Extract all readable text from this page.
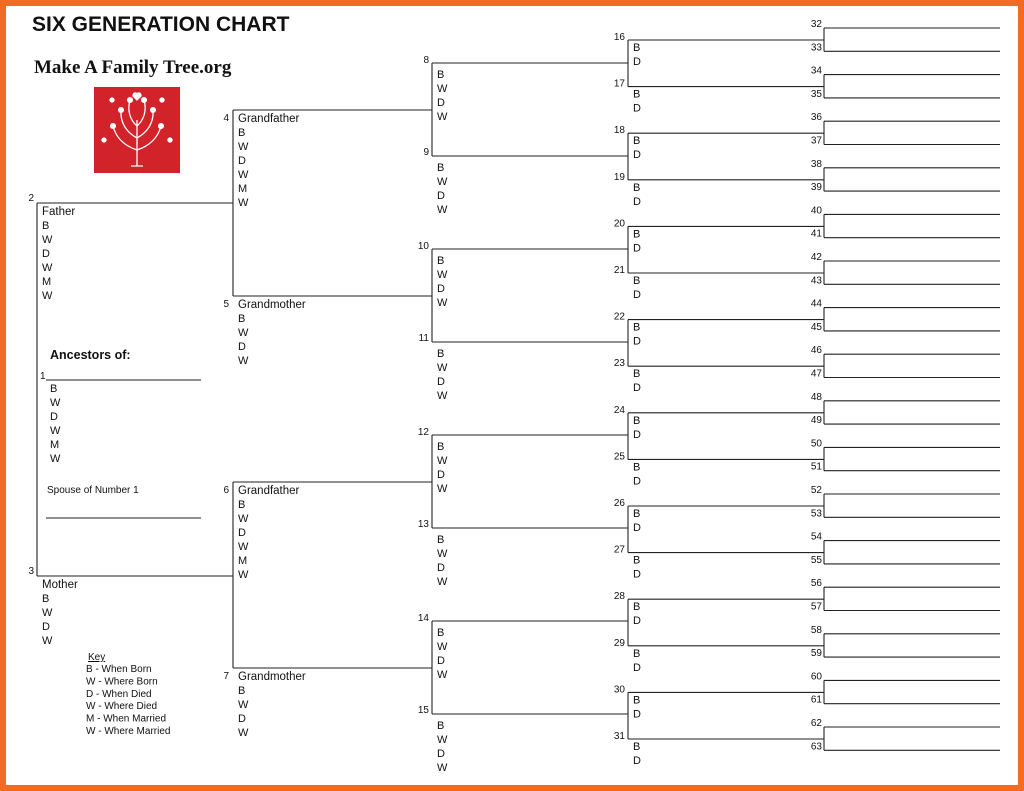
SIX GENERATION CHART
Make A Family Tree.org
Ancestors of:
1
Spouse of Number 1
Key
B
W
D
W
M
W
B - When Born
W - Where Born
D - When Died
W - Where Died
M - When Married
W - Where Married
2
Father
B
W
D
W
M
W
3
Mother
B
W
D
W
4 Grandfather
B
W
D
W
M
W
5 Grandmother
B
W
D
W
6 Grandfather
B
W
D
W
M
W
7 Grandmother
B
W
D
W
8
B
W
D
W
9
B
W
D
W
10
B
W
D
W
11
B
W
D
W
12
B
W
D
W
13
B
W
D
W
14
B
W
D
W
15
B
W
D
W
16
B
D
17
B
D
18
B
D
19
B
D
20
B
D
21
B
D
22
B
D
23
B
D
24
B
D
25
B
D
26
B
D
27
B
D
28
B
D
29
B
D
30
B
D
31
B
D
32
33
34
35
36
37
38
39
40
41
42
43
44
45
46
47
48
49
50
51
52
53
54
55
56
57
58
59
60
61
62
63
